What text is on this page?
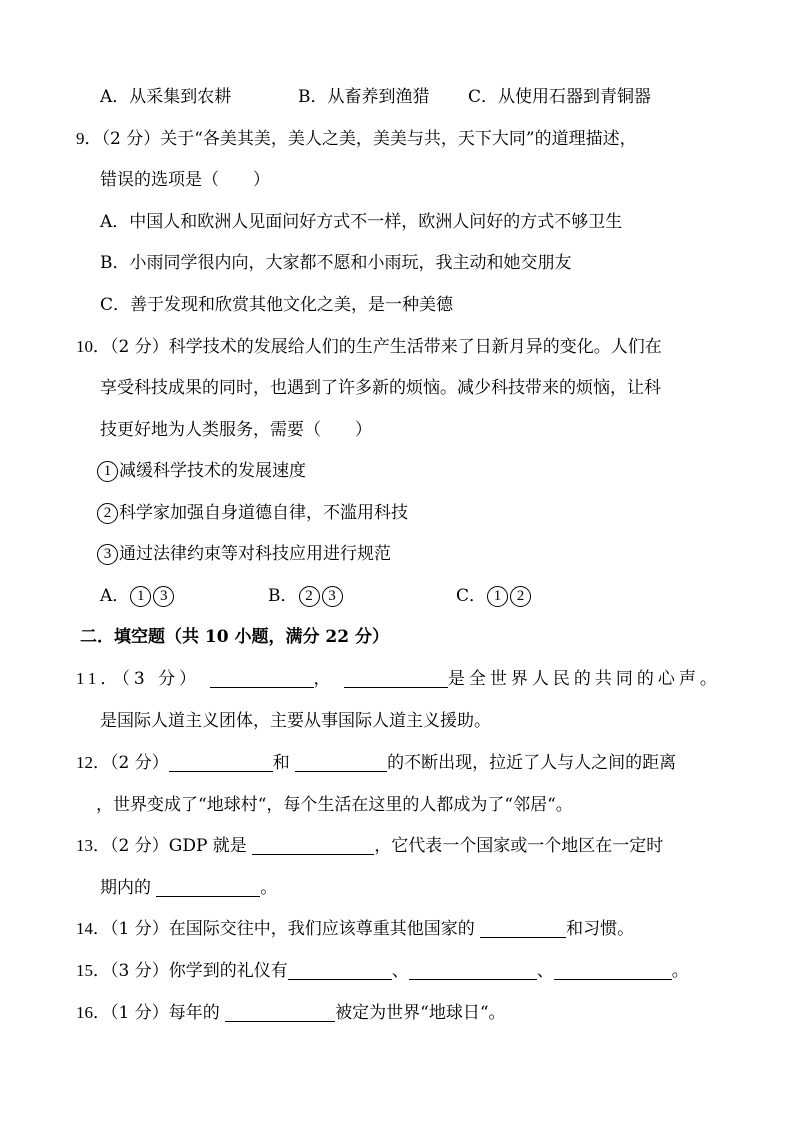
A．从采集到农耕	B．从畜养到渔猎 C．从使用石器到青铜器
9．（2 分）关于“各美其美，美人之美，美美与共，天下大同”的道理描述，
错误的选项是（　　）
A．中国人和欧洲人见面问好方式不一样，欧洲人问好的方式不够卫生
B．小雨同学很内向，大家都不愿和小雨玩，我主动和她交朋友
C．善于发现和欣赏其他文化之美，是一种美德
10．（2 分）科学技术的发展给人们的生产生活带来了日新月异的变化。人们在
享受科技成果的同时，也遇到了许多新的烦恼。减少科技带来的烦恼，让科
技更好地为人类服务，需要（　　）
1 减缓科学技术的发展速度
2 科学家加强自身道德自律，不滥用科技
3 通过法律约束等对科技应用进行规范
A． 1 3	B． 2 3	C． 1 2
二．填空题（共 10 小题，满分 22 分）
11．（3 分）	，	是全世界人民的共同的心声。
是国际人道主义团体，主要从事国际人道主义援助。
12．（2 分）	和	的不断出现，拉近了人与人之间的距离
，世界变成了“地球村“，每个生活在这里的人都成为了“邻居“。
13．（2 分）GDP 就是	，它代表一个国家或一个地区在一定时
期内的	。
14．（1 分）在国际交往中，我们应该尊重其他国家的	和习惯。
15．（3 分）你学到的礼仪有	、	、	。
16．（1 分）每年的	被定为世界“地球日“。
